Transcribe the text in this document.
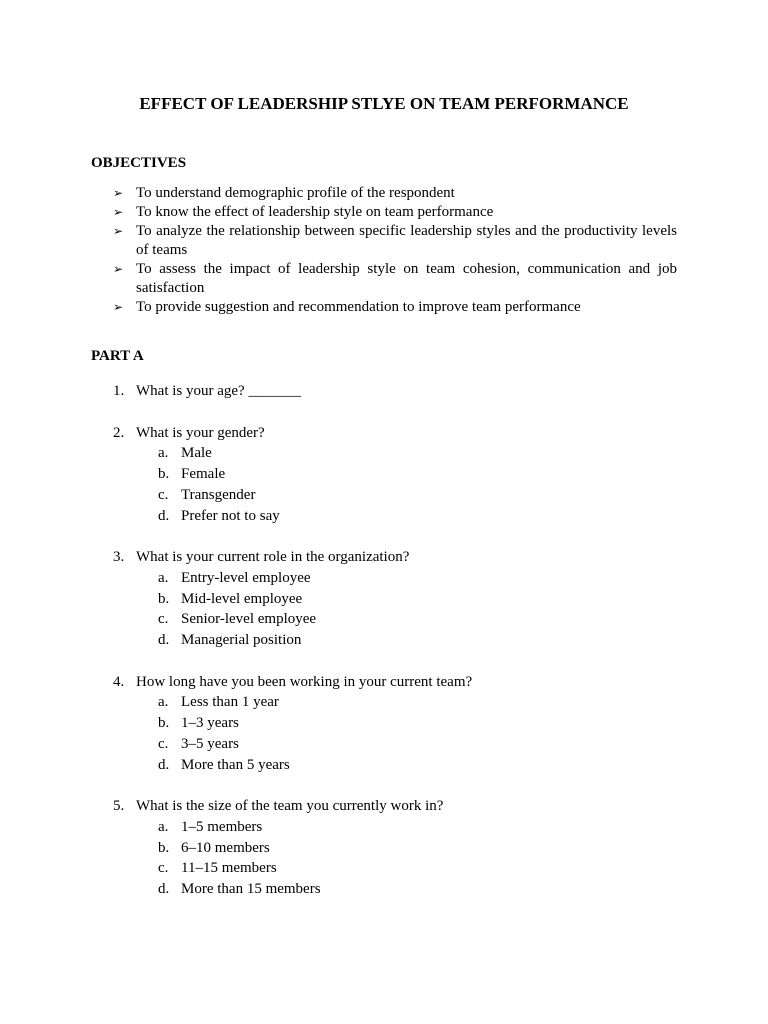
EFFECT OF LEADERSHIP STLYE ON TEAM PERFORMANCE
OBJECTIVES
➢ To understand demographic profile of the respondent
➢ To know the effect of leadership style on team performance
➢ To analyze the relationship between specific leadership styles and the productivity levels of teams
➢ To assess the impact of leadership style on team cohesion, communication and job satisfaction
➢ To provide suggestion and recommendation to improve team performance
PART A
1. What is your age? _______
2. What is your gender?
a. Male
b. Female
c. Transgender
d. Prefer not to say
3. What is your current role in the organization?
a. Entry-level employee
b. Mid-level employee
c. Senior-level employee
d. Managerial position
4. How long have you been working in your current team?
a. Less than 1 year
b. 1–3 years
c. 3–5 years
d. More than 5 years
5. What is the size of the team you currently work in?
a. 1–5 members
b. 6–10 members
c. 11–15 members
d. More than 15 members
